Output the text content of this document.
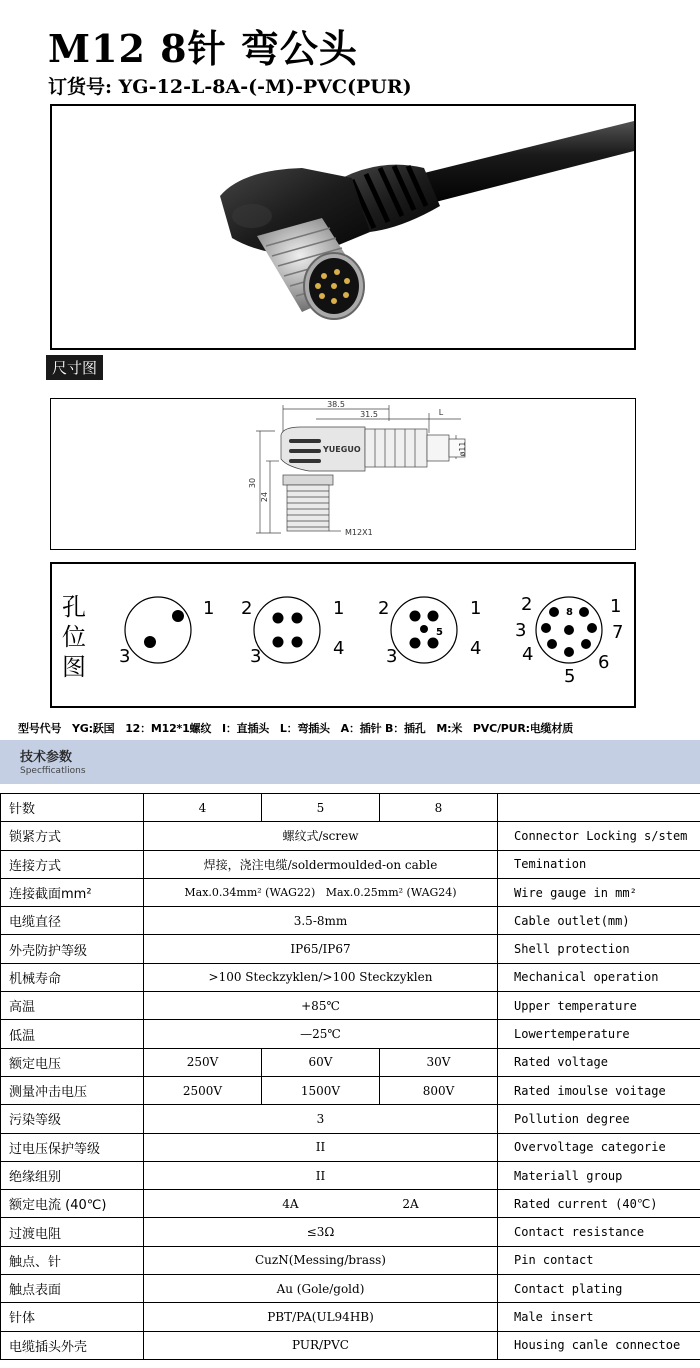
M12 8针 弯公头
订货号: YG-12-L-8A-(-M)-PVC(PUR)
尺寸图
38.5
31.5	L
30
24
ø11
M12X1
YUEGUO
孔
位
图
1
3
1
2
3	4
1
2
3	4
5
1
2
3
4
5
6
7
8
型号代号　YG:跃国　12：M12*1螺纹　I：直插头　L：弯插头　A：插针 B：插孔　M:米　PVC/PUR:电缆材质
技术参数
Specfficatlions
针数	4	5	8	
锁紧方式	螺纹式/screw			Connector Locking s/stem
连接方式	焊接，浇注电缆/soldermoulded-on cable			Temination
连接截面mm²	Max.0.34mm² (WAG22) Max.0.25mm² (WAG24)			Wire gauge in mm²
电缆直径	3.5-8mm			Cable outlet(mm)
外壳防护等级	IP65/IP67			Shell protection
机械寿命	>100 Steckzyklen/>100 Steckzyklen			Mechanical operation
高温	+85℃			Upper temperature
低温	—25℃			Lowertemperature
额定电压	250V	60V	30V	Rated voltage
测量冲击电压	2500V	1500V	800V	Rated imoulse voitage
污染等级	3			Pollution degree
过电压保护等级	II			Overvoltage categorie
绝缘组别	II			Materiall group
额定电流 (40℃)	4A 2A			Rated current (40℃)
过渡电阻	≤3Ω			Contact resistance
触点、针	CuzN(Messing/brass)			Pin contact
触点表面	Au (Gole/gold)			Contact plating
针体	PBT/PA(UL94HB)			Male insert
电缆插头外壳	PUR/PVC			Housing canle connectoe
